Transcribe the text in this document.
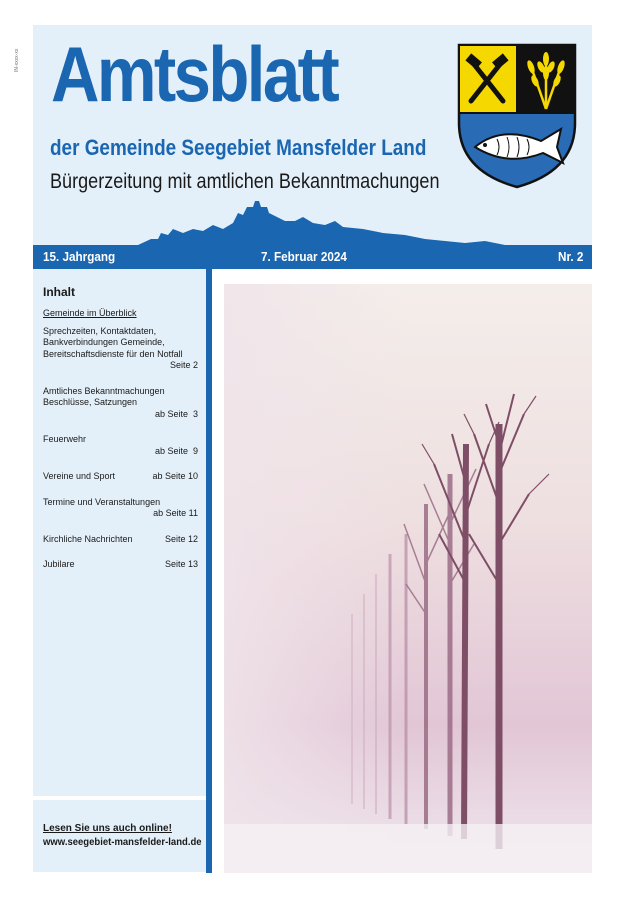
IN-xxxx-xx Amtsblatt
der Gemeinde Seegebiet Mansfelder Land
Bürgerzeitung mit amtlichen Bekanntmachungen
15. Jahrgang	7. Februar 2024	Nr. 2
Inhalt
Gemeinde im Überblick
Sprechzeiten, Kontaktdaten, Bankverbindungen Gemeinde, Bereitschaftsdienste für den Notfall
Seite 2
Amtliches Bekanntmachungen Beschlüsse, Satzungen
ab Seite  3
Feuerwehr
ab Seite  9
Vereine und Sport	ab Seite 10
Termine und Veranstaltungen
ab Seite 11
Kirchliche Nachrichten	Seite 12
Jubilare	Seite 13
Lesen Sie uns auch online!
www.seegebiet-mansfelder-land.de
